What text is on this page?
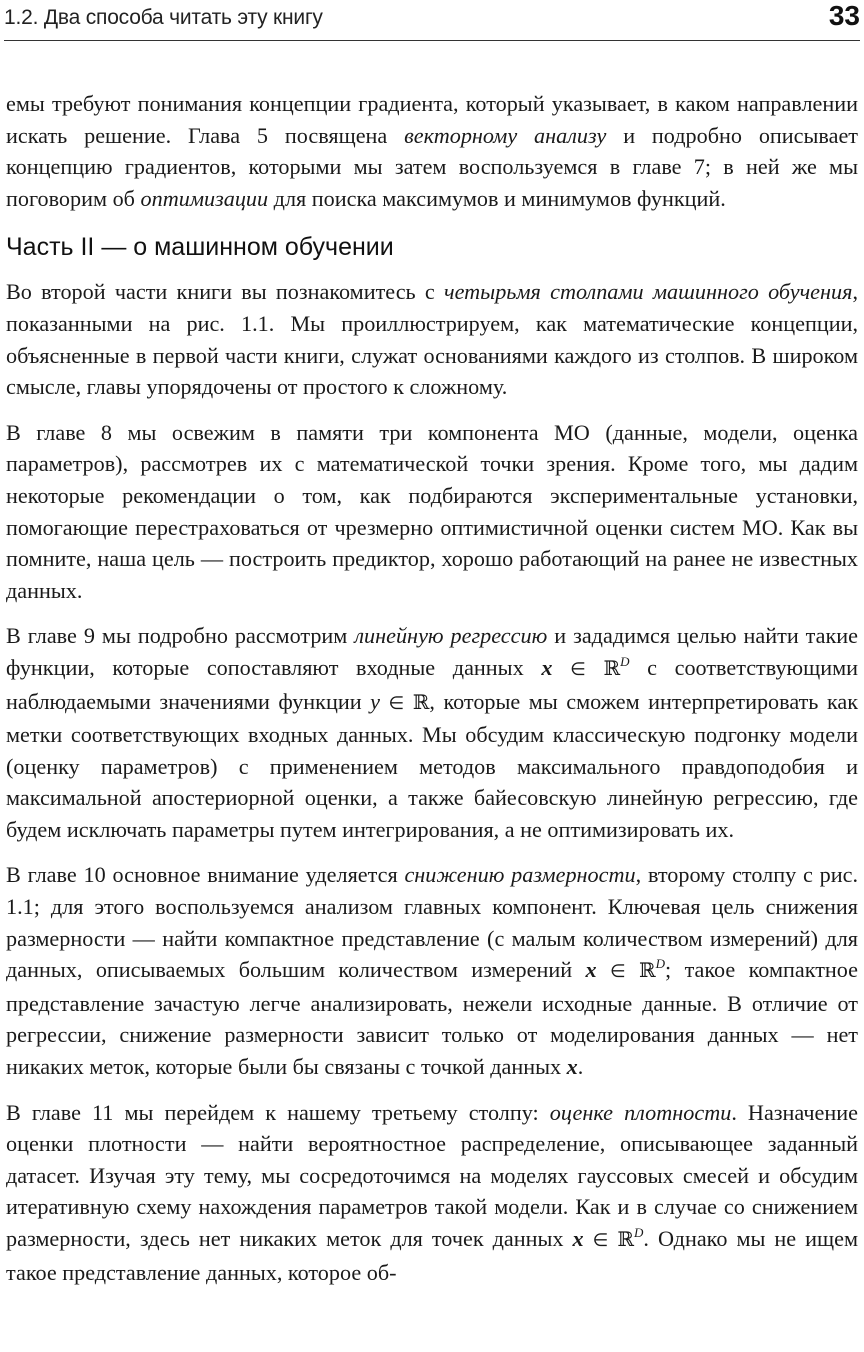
1.2. Два способа читать эту книгу	33

емы требуют понимания концепции градиента, который указывает, в каком направлении искать решение. Глава 5 посвящена векторному анализу и подробно описывает концепцию градиентов, которыми мы затем воспользуемся в главе 7; в ней же мы поговорим об оптимизации для поиска максимумов и минимумов функций.

Часть II — о машинном обучении

Во второй части книги вы познакомитесь с четырьмя столпами машинного обучения, показанными на рис. 1.1. Мы проиллюстрируем, как математические концепции, объясненные в первой части книги, служат основаниями каждого из столпов. В широком смысле, главы упорядочены от простого к сложному.

В главе 8 мы освежим в памяти три компонента МО (данные, модели, оценка параметров), рассмотрев их с математической точки зрения. Кроме того, мы дадим некоторые рекомендации о том, как подбираются экспериментальные установки, помогающие перестраховаться от чрезмерно оптимистичной оценки систем МО. Как вы помните, наша цель — построить предиктор, хорошо работающий на ранее не известных данных.

В главе 9 мы подробно рассмотрим линейную регрессию и зададимся целью найти такие функции, которые сопоставляют входные данных x ∈ ℝ$^D$ с соответствующими наблюдаемыми значениями функции y ∈ ℝ, которые мы сможем интерпретировать как метки соответствующих входных данных. Мы обсудим классическую подгонку модели (оценку параметров) с применением методов максимального правдоподобия и максимальной апостериорной оценки, а также байесовскую линейную регрессию, где будем исключать параметры путем интегрирования, а не оптимизировать их.

В главе 10 основное внимание уделяется снижению размерности, второму столпу с рис. 1.1; для этого воспользуемся анализом главных компонент. Ключевая цель снижения размерности — найти компактное представление (с малым количеством измерений) для данных, описываемых большим количеством измерений x ∈ ℝ$^D$; такое компактное представление зачастую легче анализировать, нежели исходные данные. В отличие от регрессии, снижение размерности зависит только от моделирования данных — нет никаких меток, которые были бы связаны с точкой данных x.

В главе 11 мы перейдем к нашему третьему столпу: оценке плотности. Назначение оценки плотности — найти вероятностное распределение, описывающее заданный датасет. Изучая эту тему, мы сосредоточимся на моделях гауссовых смесей и обсудим итеративную схему нахождения параметров такой модели. Как и в случае со снижением размерности, здесь нет никаких меток для точек данных x ∈ ℝ$^D$. Однако мы не ищем такое представление данных, которое об-
